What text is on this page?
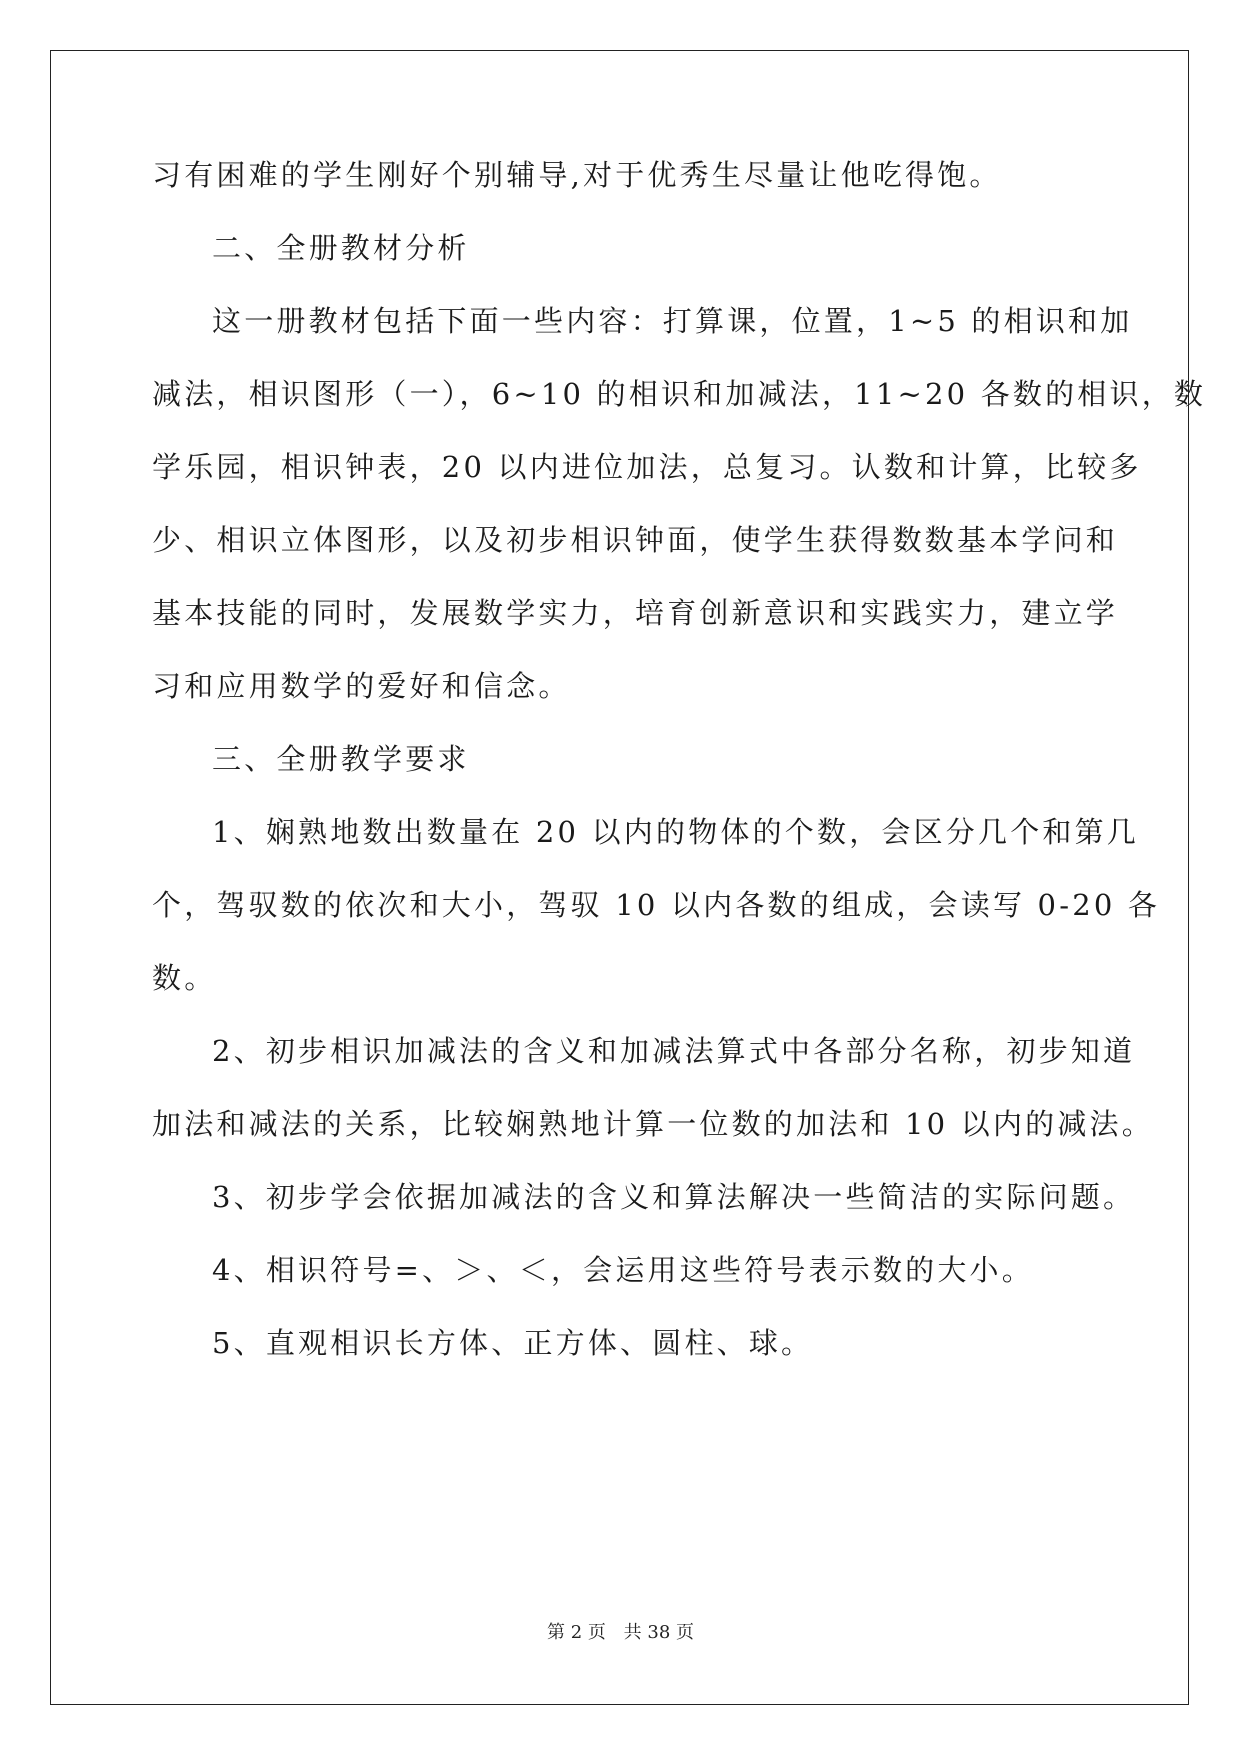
习有困难的学生刚好个别辅导,对于优秀生尽量让他吃得饱。
二、全册教材分析
这一册教材包括下面一些内容：打算课，位置，1~5 的相识和加
减法，相识图形（一），6~10 的相识和加减法，11~20 各数的相识，数
学乐园，相识钟表，20 以内进位加法，总复习。认数和计算，比较多
少、相识立体图形，以及初步相识钟面，使学生获得数数基本学问和
基本技能的同时，发展数学实力，培育创新意识和实践实力，建立学
习和应用数学的爱好和信念。
三、全册教学要求
1、娴熟地数出数量在 20 以内的物体的个数，会区分几个和第几
个，驾驭数的依次和大小，驾驭 10 以内各数的组成，会读写 0-20 各
数。
2、初步相识加减法的含义和加减法算式中各部分名称，初步知道
加法和减法的关系，比较娴熟地计算一位数的加法和 10 以内的减法。
3、初步学会依据加减法的含义和算法解决一些简洁的实际问题。
4、相识符号=、＞、＜，会运用这些符号表示数的大小。
5、直观相识长方体、正方体、圆柱、球。
第 2 页 共 38 页
